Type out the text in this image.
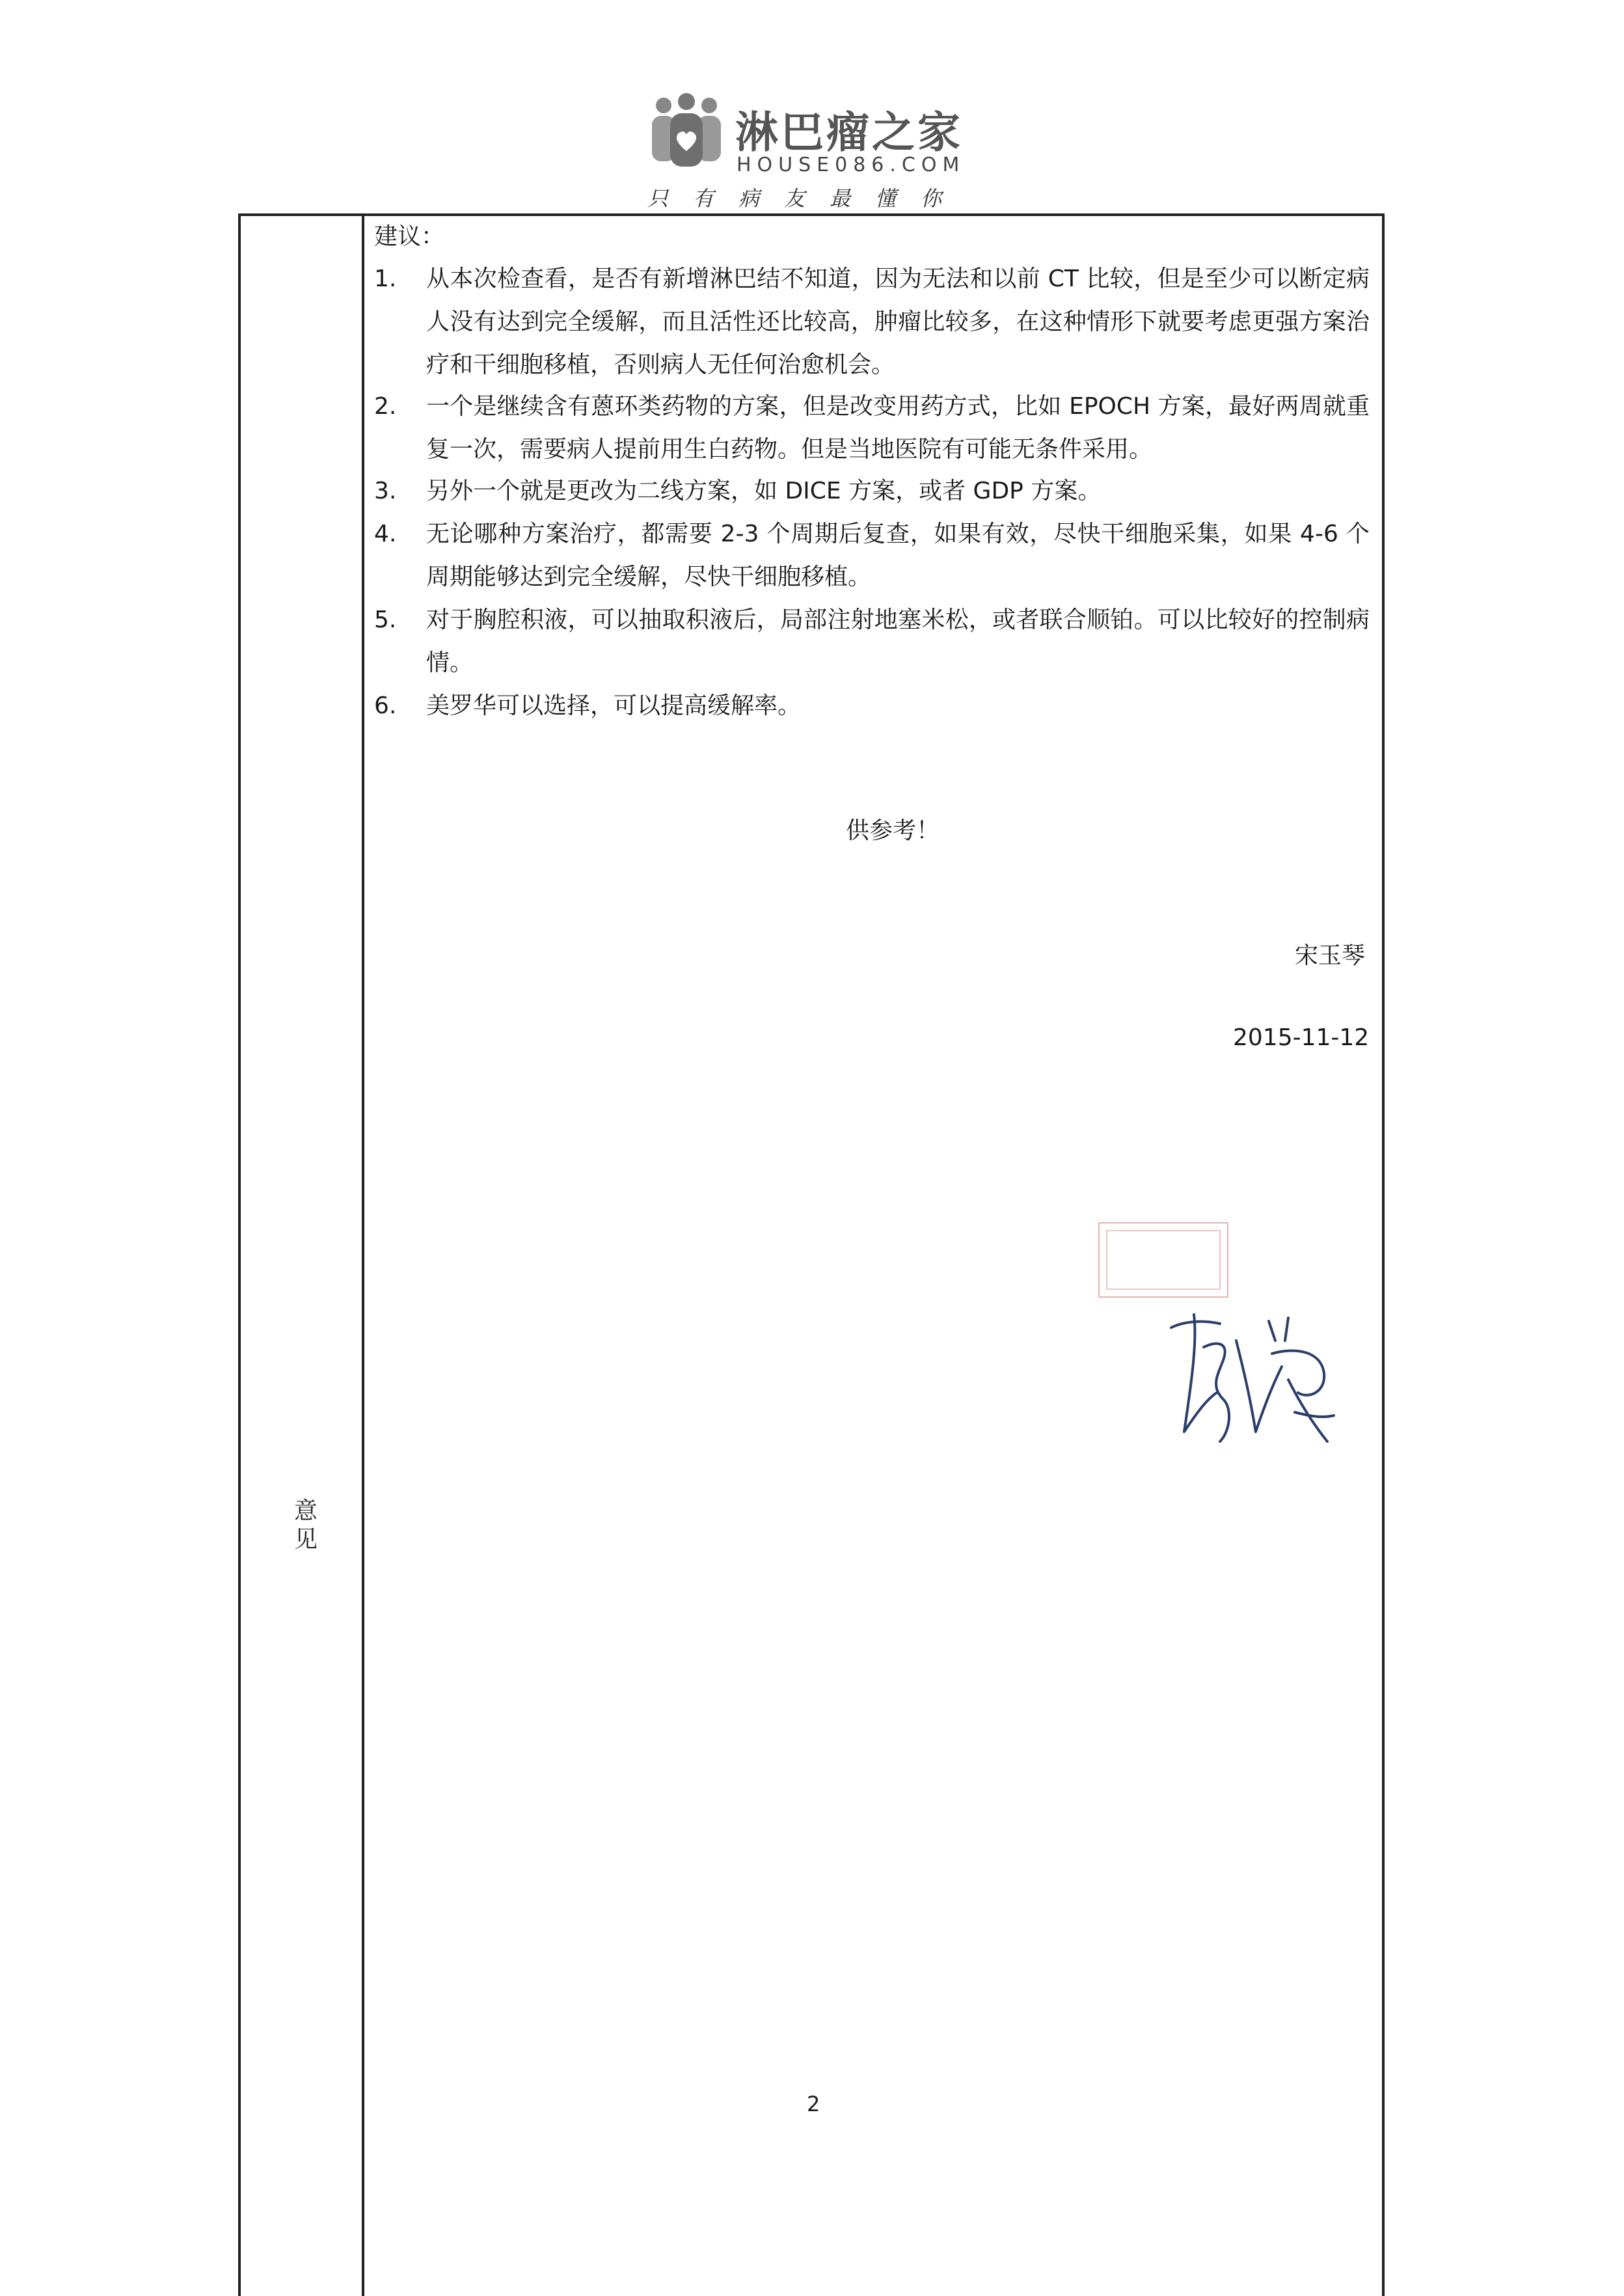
淋巴瘤之家
HOUSE086.COM
只有病友最懂你
意见
建议：
1.	从本次检查看，是否有新增淋巴结不知道，因为无法和以前 CT 比较，但是至少可以断定病人没有达到完全缓解，而且活性还比较高，肿瘤比较多，在这种情形下就要考虑更强方案治疗和干细胞移植，否则病人无任何治愈机会。
2.	一个是继续含有蒽环类药物的方案，但是改变用药方式，比如 EPOCH 方案，最好两周就重复一次，需要病人提前用生白药物。但是当地医院有可能无条件采用。
3.	另外一个就是更改为二线方案，如 DICE 方案，或者 GDP 方案。
4.	无论哪种方案治疗，都需要 2-3 个周期后复查，如果有效，尽快干细胞采集，如果 4-6 个周期能够达到完全缓解，尽快干细胞移植。
5.	对于胸腔积液，可以抽取积液后，局部注射地塞米松，或者联合顺铂。可以比较好的控制病情。
6.	美罗华可以选择，可以提高缓解率。
供参考！
宋玉琴
2015-11-12
2
